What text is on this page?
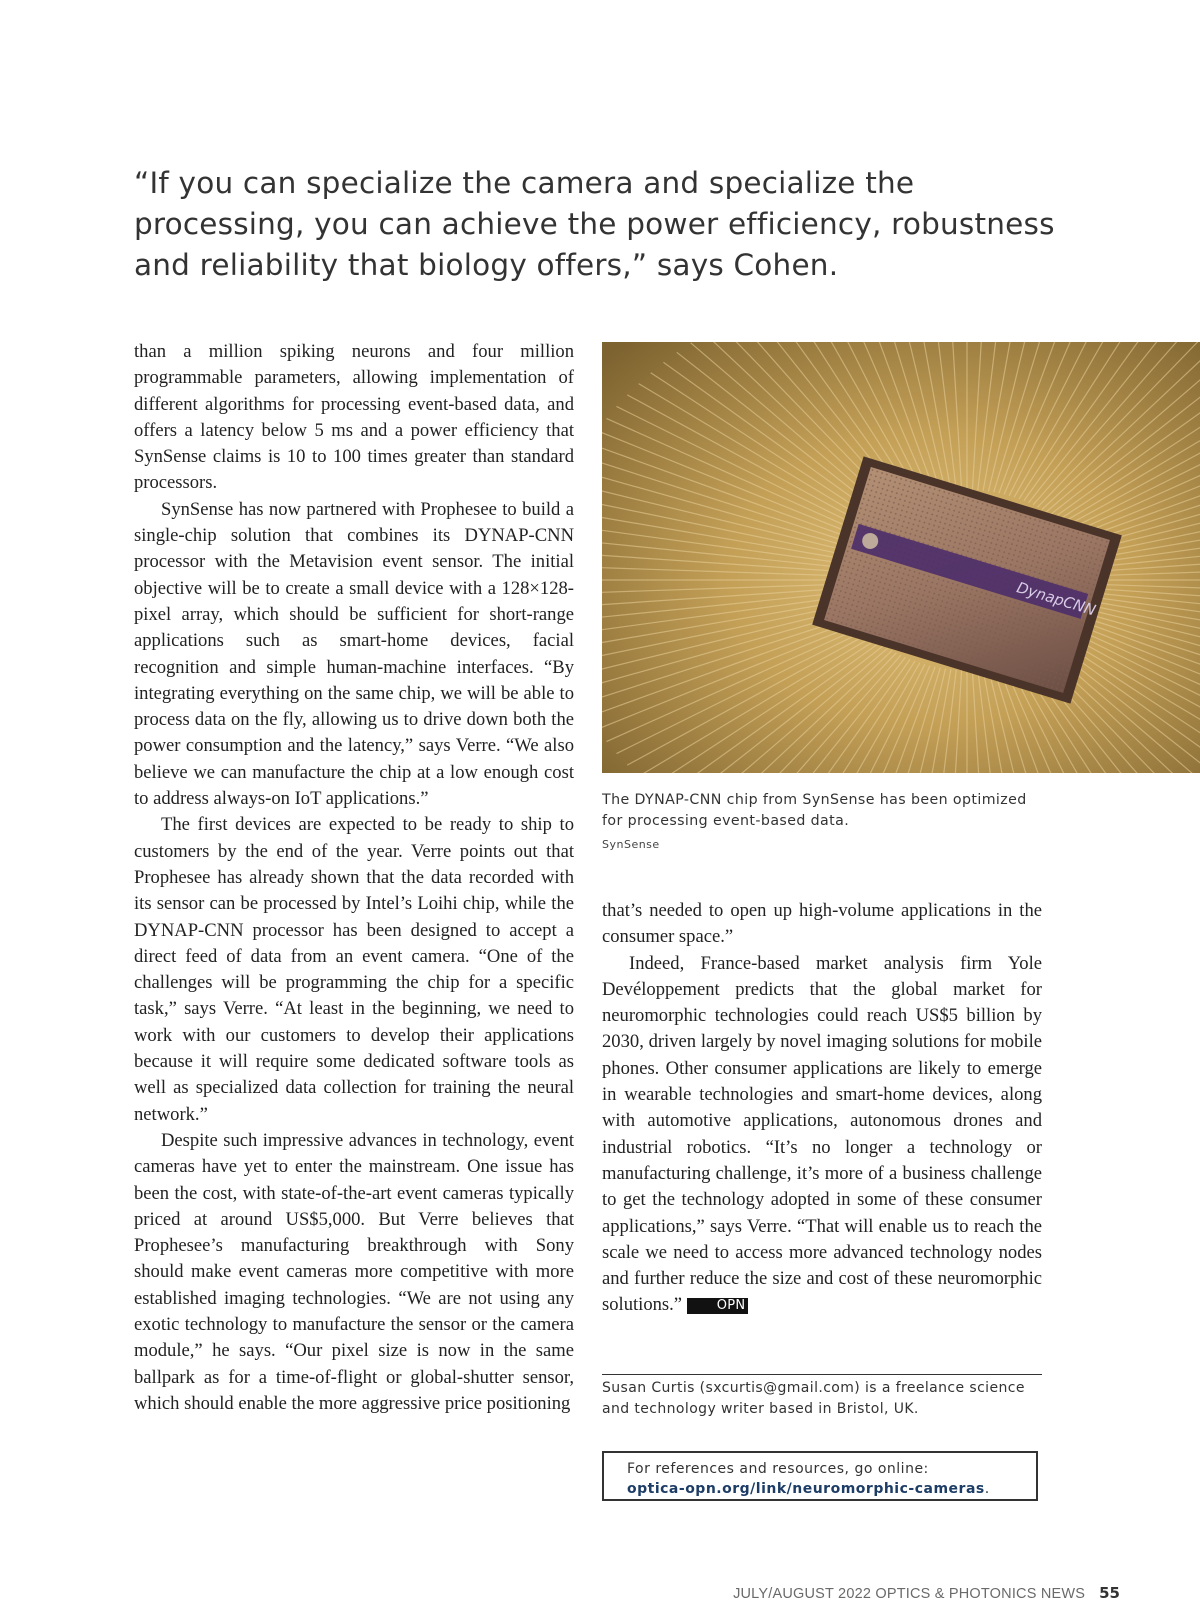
“If you can specialize the camera and specialize the processing, you can achieve the power efficiency, robustness and reliability that biology offers,” says Cohen.

than a million spiking neurons and four million programmable parameters, allowing implementation of different algorithms for processing event-based data, and offers a latency below 5 ms and a power efficiency that SynSense claims is 10 to 100 times greater than standard processors.

SynSense has now partnered with Prophesee to build a single-chip solution that combines its DYNAP-CNN processor with the Metavision event sensor. The initial objective will be to create a small device with a 128×128-pixel array, which should be sufficient for short-range applications such as smart-home devices, facial recognition and simple human-machine interfaces. “By integrating everything on the same chip, we will be able to process data on the fly, allowing us to drive down both the power consumption and the latency,” says Verre. “We also believe we can manufacture the chip at a low enough cost to address always-on IoT applications.”

The first devices are expected to be ready to ship to customers by the end of the year. Verre points out that Prophesee has already shown that the data recorded with its sensor can be processed by Intel’s Loihi chip, while the DYNAP-CNN processor has been designed to accept a direct feed of data from an event camera. “One of the challenges will be programming the chip for a specific task,” says Verre. “At least in the beginning, we need to work with our customers to develop their applications because it will require some dedicated software tools as well as specialized data collection for training the neural network.”

Despite such impressive advances in technology, event cameras have yet to enter the mainstream. One issue has been the cost, with state-of-the-art event cameras typically priced at around US$5,000. But Verre believes that Prophesee’s manufacturing breakthrough with Sony should make event cameras more competitive with more established imaging technologies. “We are not using any exotic technology to manufacture the sensor or the camera module,” he says. “Our pixel size is now in the same ballpark as for a time-of-flight or global-shutter sensor, which should enable the more aggressive price positioning

DynapCNN
The DYNAP-CNN chip from SynSense has been optimized for processing event-based data.
SynSense

that’s needed to open up high-volume applications in the consumer space.”

Indeed, France-based market analysis firm Yole Devéloppement predicts that the global market for neuromorphic technologies could reach US$5 billion by 2030, driven largely by novel imaging solutions for mobile phones. Other consumer applications are likely to emerge in wearable technologies and smart-home devices, along with automotive applications, autonomous drones and industrial robotics. “It’s no longer a technology or manufacturing challenge, it’s more of a business challenge to get the technology adopted in some of these consumer applications,” says Verre. “That will enable us to reach the scale we need to access more advanced technology nodes and further reduce the size and cost of these neuromorphic solutions.”	OPN

Susan Curtis (sxcurtis@gmail.com) is a freelance science and technology writer based in Bristol, UK.
For references and resources, go online:
optica-opn.org/link/neuromorphic-cameras.
JULY/AUGUST 2022 OPTICS & PHOTONICS NEWS 55
